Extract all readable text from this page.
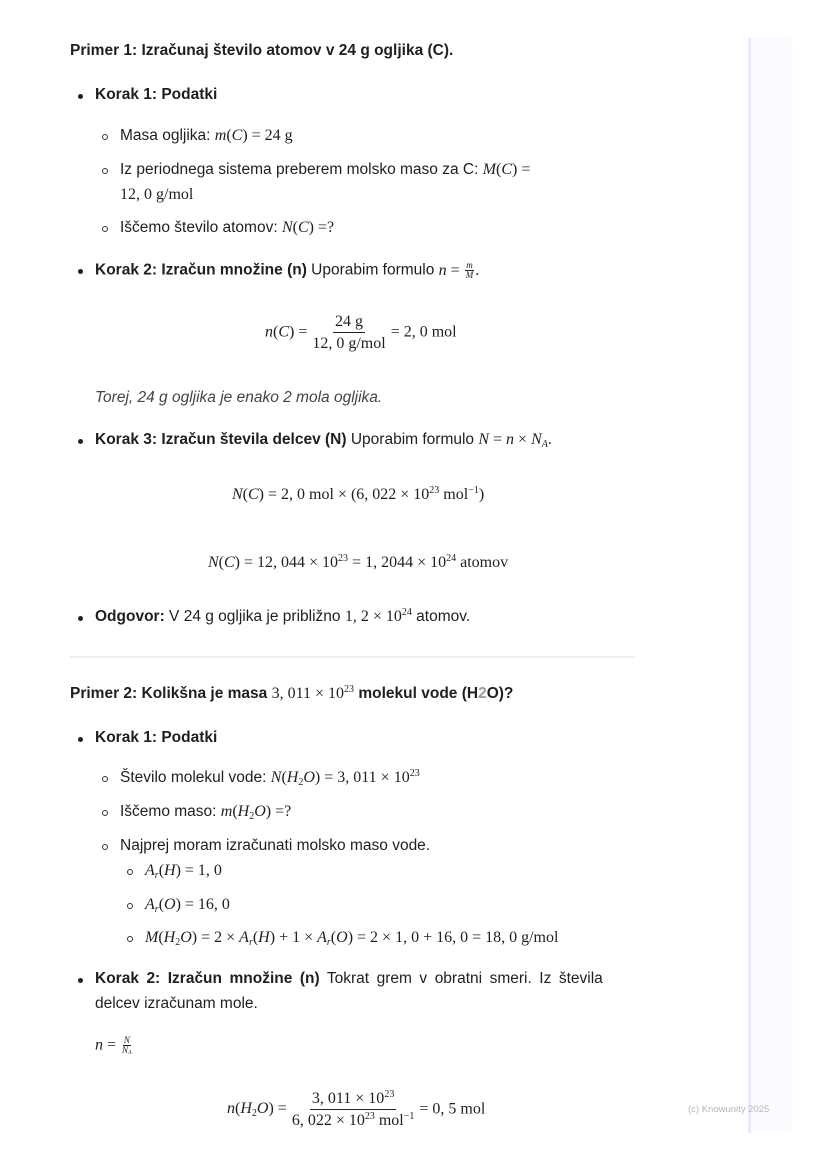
(c) Knowunity 2025
Primer 1: Izračunaj število atomov v 24 g ogljika (C).
Korak 1: Podatki
Masa ogljika: m(C) = 24 g
Iz periodnega sistema preberem molsko maso za C: M(C) =
12, 0 g/mol
Iščemo število atomov: N(C) =?
Korak 2: Izračun množine (n) Uporabim formulo $n = \frac{m}{M}$ .
$n(C) = \frac{24 g}{\text{12, 0 g/mol}} = 2$, 0 mol
Torej, 24 g ogljika je enako 2 mola ogljika.
Korak 3: Izračun števila delcev (N) Uporabim formulo $N = n \times N_A$.
N(C) = 2, 0 mol × (6, $022 \times 10^{23}$ mol$^{-1}$)
N(C) = 12, $044 \times 10^{23} = 1$, $2044 \times 10^{24}$ atomov
Odgovor: V 24 g ogljika je približno 1, $2 \times 10^{24}$ atomov.
Primer 2: Kolikšna je masa 3, $011 \times 10^{23}$ molekul vode (H2O)?
Korak 1: Podatki
Število molekul vode: $N(H_2O) = 3$, $011 \times 10^{23}$
Iščemo maso: $m(H_2O)$ =?
Najprej moram izračunati molsko maso vode.
$A_r(H) = 1$, 0
$A_r(O) = 16$, 0
$M(H_2O) = 2 \times A_r(H) + 1 \times A_r(O) = 2 \times 1$, 0 + 16, 0 = 18, 0 g/mol
Korak 2: Izračun množine (n) Tokrat grem v obratni smeri. Iz števila
delcev izračunam mole.
$n = \frac{N}{N_A}$
$n(H_2O) = \frac{3, 011 \times 10^{23}}{6, 022 \times 10^{23} mol^{-1}} = 0$, 5 mol
